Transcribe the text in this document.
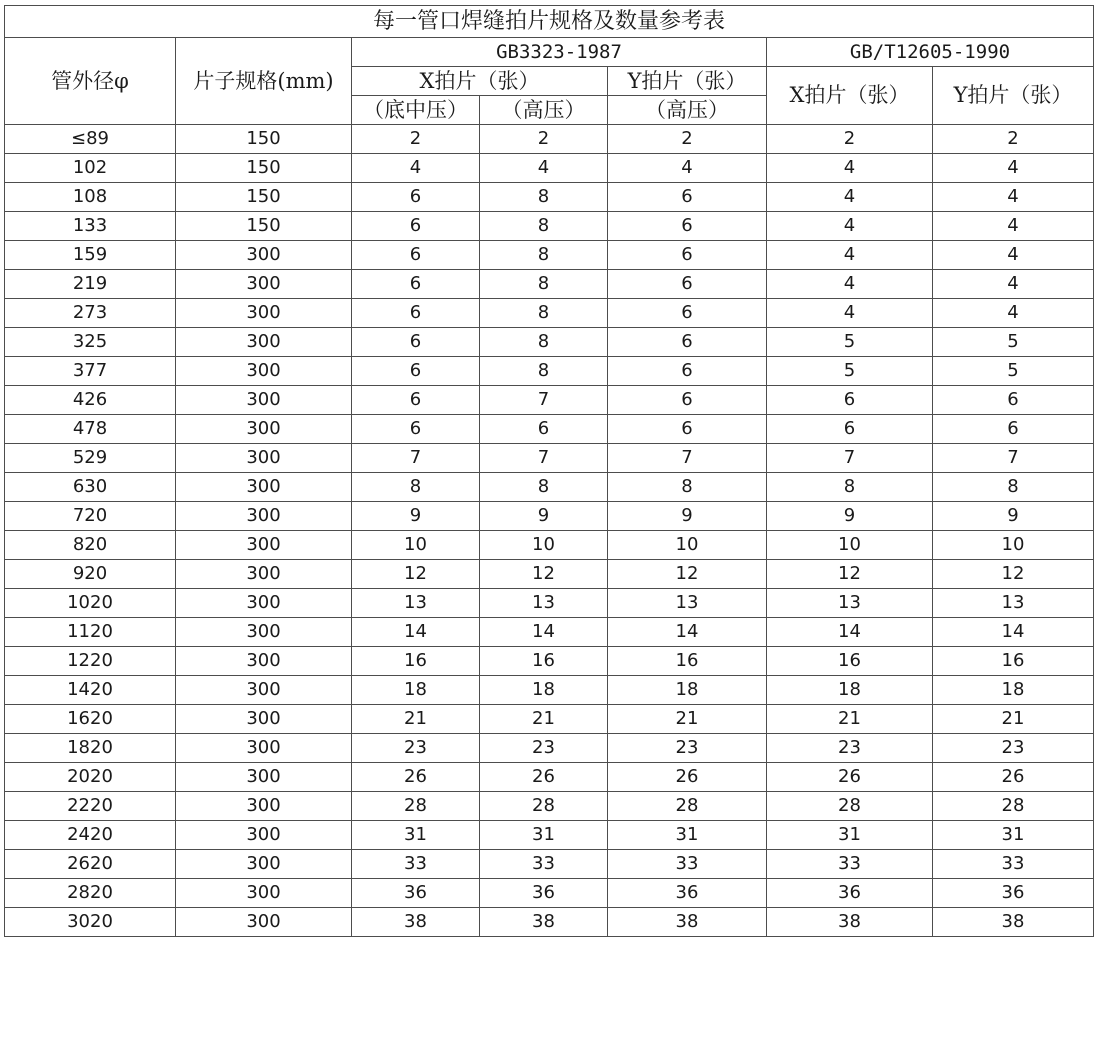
每一管口焊缝拍片规格及数量参考表						
管外径φ	片子规格(mm)	GB3323-1987			GB/T12605-1990	
		X拍片（张）		Y拍片（张）	X拍片（张）	Y拍片（张）
		（底中压）	（高压）	（高压）		
≤89	150	2	2	2	2	2
102	150	4	4	4	4	4
108	150	6	8	6	4	4
133	150	6	8	6	4	4
159	300	6	8	6	4	4
219	300	6	8	6	4	4
273	300	6	8	6	4	4
325	300	6	8	6	5	5
377	300	6	8	6	5	5
426	300	6	7	6	6	6
478	300	6	6	6	6	6
529	300	7	7	7	7	7
630	300	8	8	8	8	8
720	300	9	9	9	9	9
820	300	10	10	10	10	10
920	300	12	12	12	12	12
1020	300	13	13	13	13	13
1120	300	14	14	14	14	14
1220	300	16	16	16	16	16
1420	300	18	18	18	18	18
1620	300	21	21	21	21	21
1820	300	23	23	23	23	23
2020	300	26	26	26	26	26
2220	300	28	28	28	28	28
2420	300	31	31	31	31	31
2620	300	33	33	33	33	33
2820	300	36	36	36	36	36
3020	300	38	38	38	38	38
